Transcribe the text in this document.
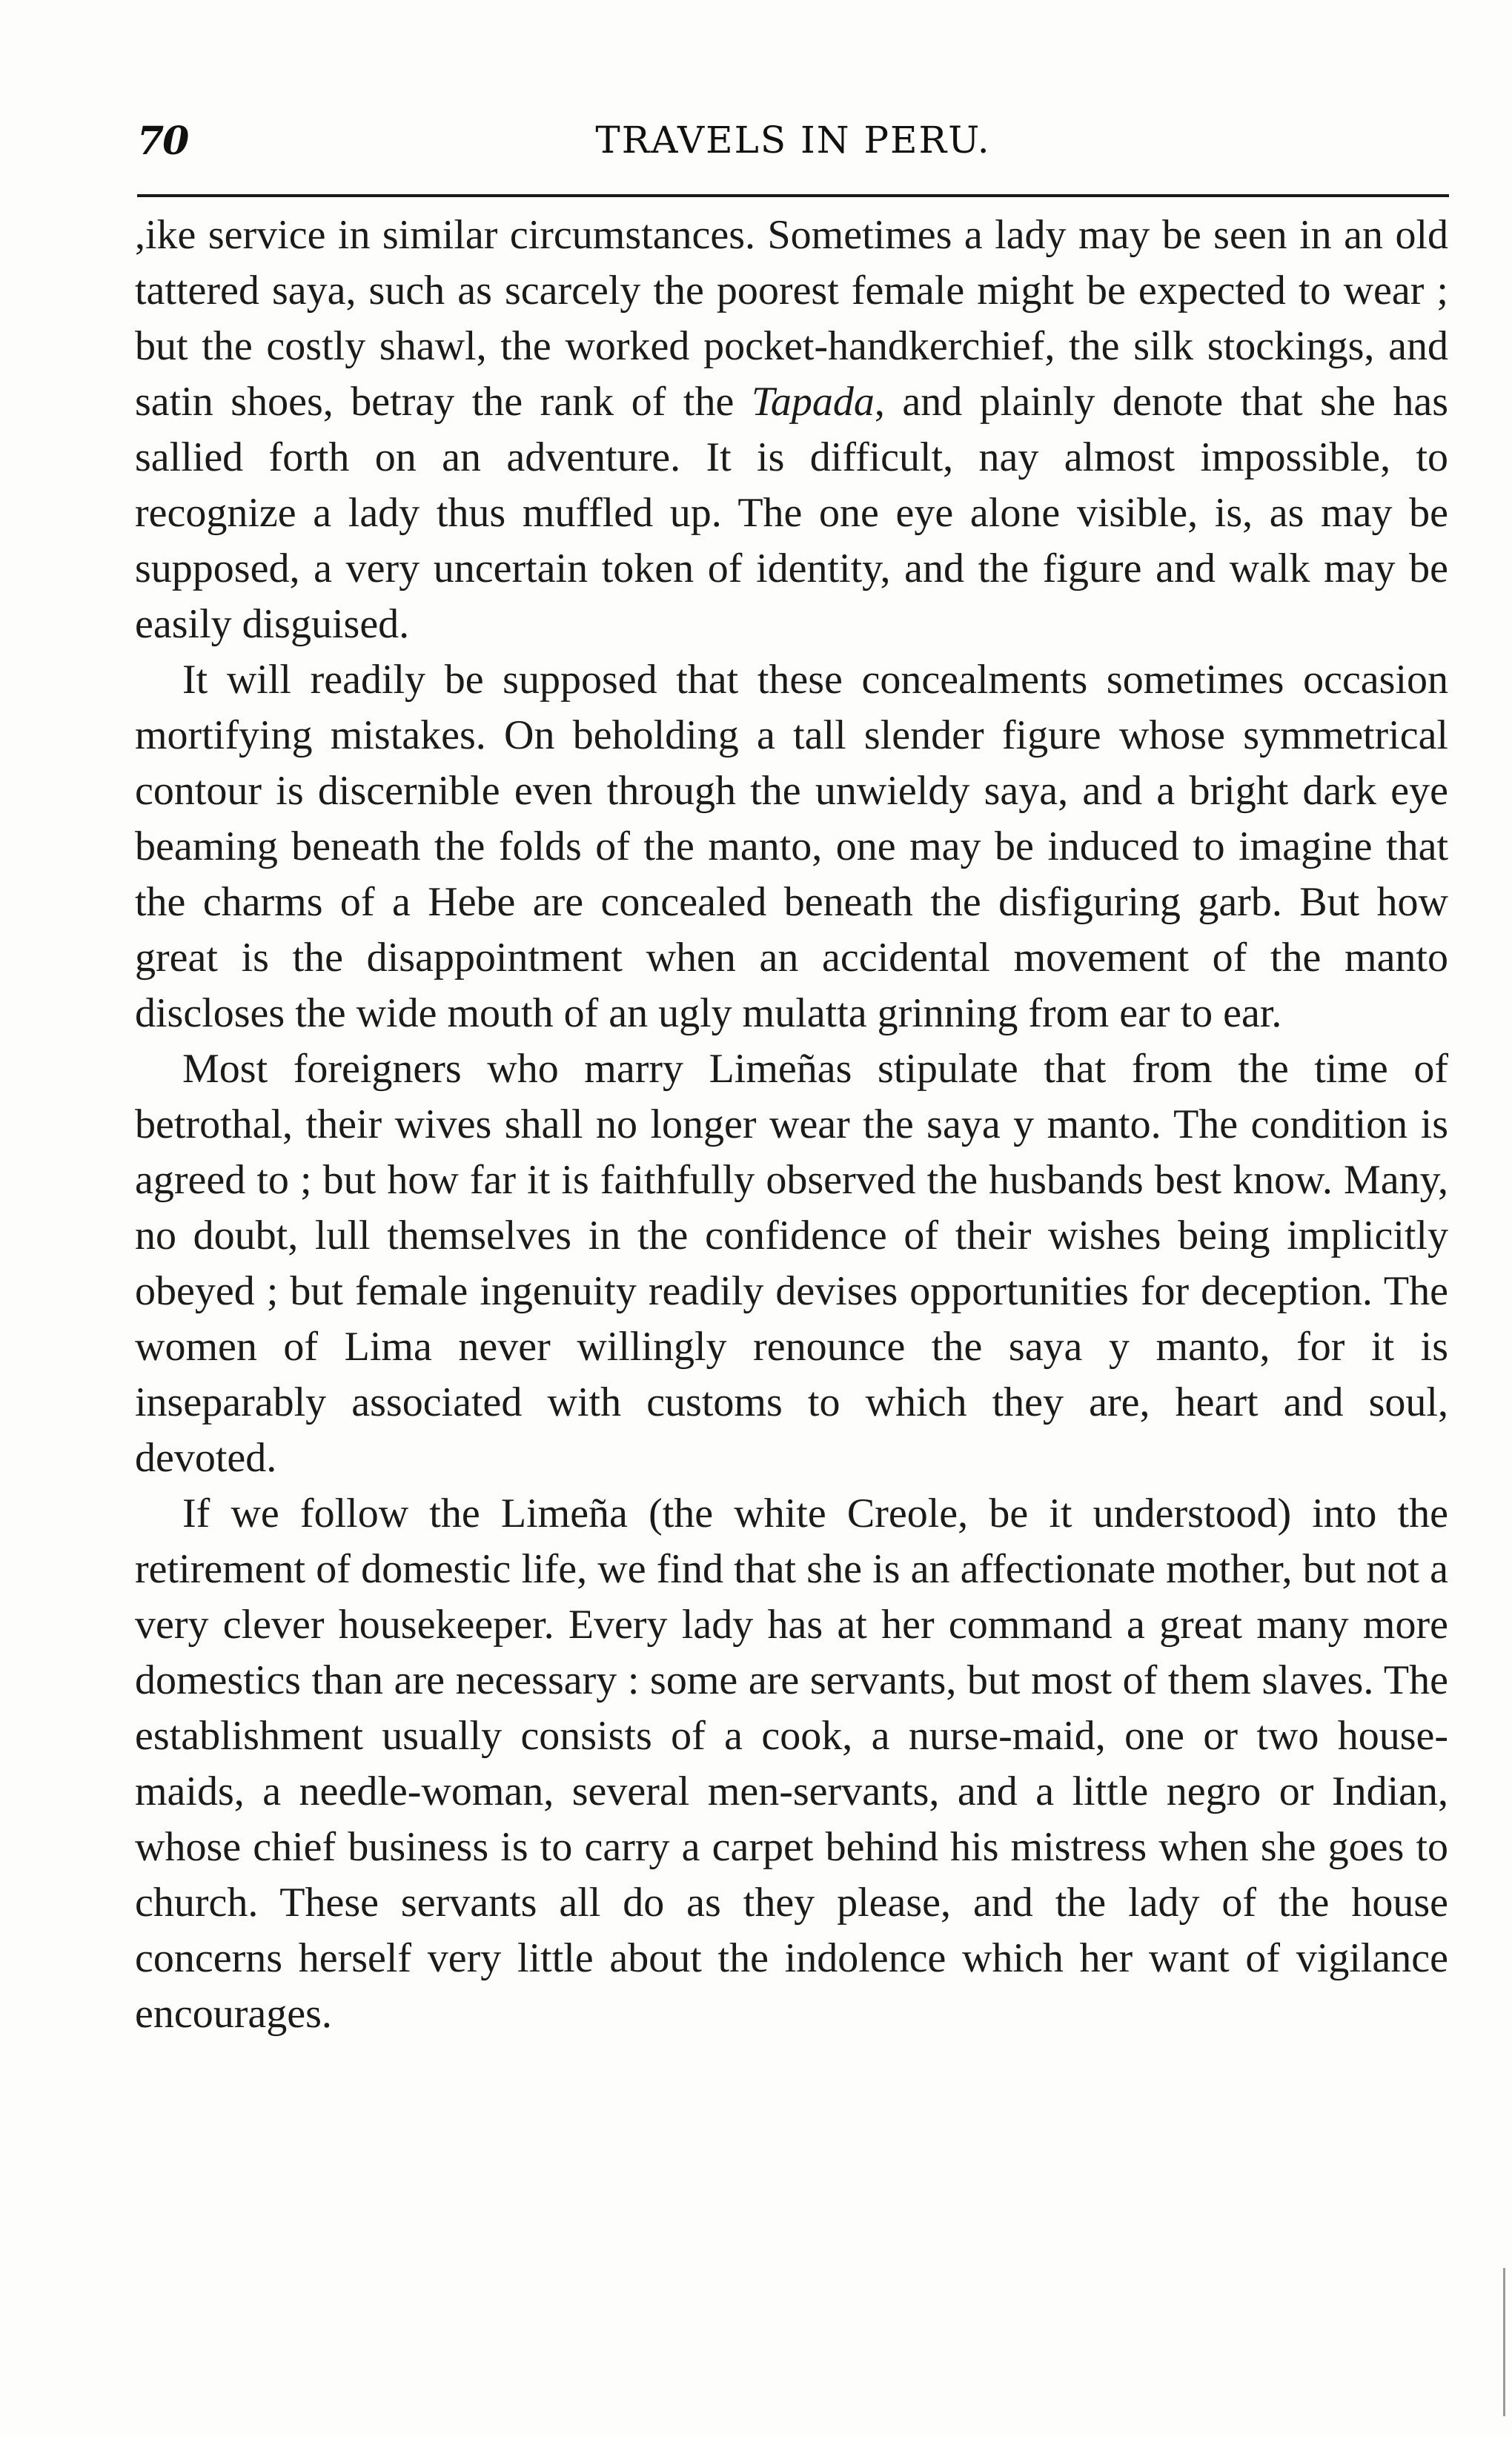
70	TRAVELS IN PERU.

,ike service in similar circumstances. Sometimes a lady may be seen in an old tattered saya, such as scarcely the poorest female might be expected to wear ; but the costly shawl, the worked pocket-handkerchief, the silk stockings, and satin shoes, betray the rank of the Tapada, and plainly denote that she has sallied forth on an adventure. It is difficult, nay almost impossible, to recognize a lady thus muffled up. The one eye alone visible, is, as may be supposed, a very uncertain token of identity, and the figure and walk may be easily disguised.

It will readily be supposed that these concealments sometimes occasion mortifying mistakes. On beholding a tall slender figure whose symmetrical contour is discernible even through the unwieldy saya, and a bright dark eye beaming beneath the folds of the manto, one may be induced to imagine that the charms of a Hebe are concealed beneath the disfiguring garb. But how great is the disappointment when an accidental movement of the manto discloses the wide mouth of an ugly mulatta grinning from ear to ear.

Most foreigners who marry Limeñas stipulate that from the time of betrothal, their wives shall no longer wear the saya y manto. The condition is agreed to ; but how far it is faithfully observed the husbands best know. Many, no doubt, lull themselves in the confidence of their wishes being implicitly obeyed ; but female ingenuity readily devises opportunities for deception. The women of Lima never willingly renounce the saya y manto, for it is inseparably associated with customs to which they are, heart and soul, devoted.

If we follow the Limeña (the white Creole, be it understood) into the retirement of domestic life, we find that she is an affectionate mother, but not a very clever housekeeper. Every lady has at her command a great many more domestics than are necessary : some are servants, but most of them slaves. The establishment usually consists of a cook, a nurse-maid, one or two house-maids, a needle-woman, several men-servants, and a little negro or Indian, whose chief business is to carry a carpet behind his mistress when she goes to church. These servants all do as they please, and the lady of the house concerns herself very little about the indolence which her want of vigilance encourages.
